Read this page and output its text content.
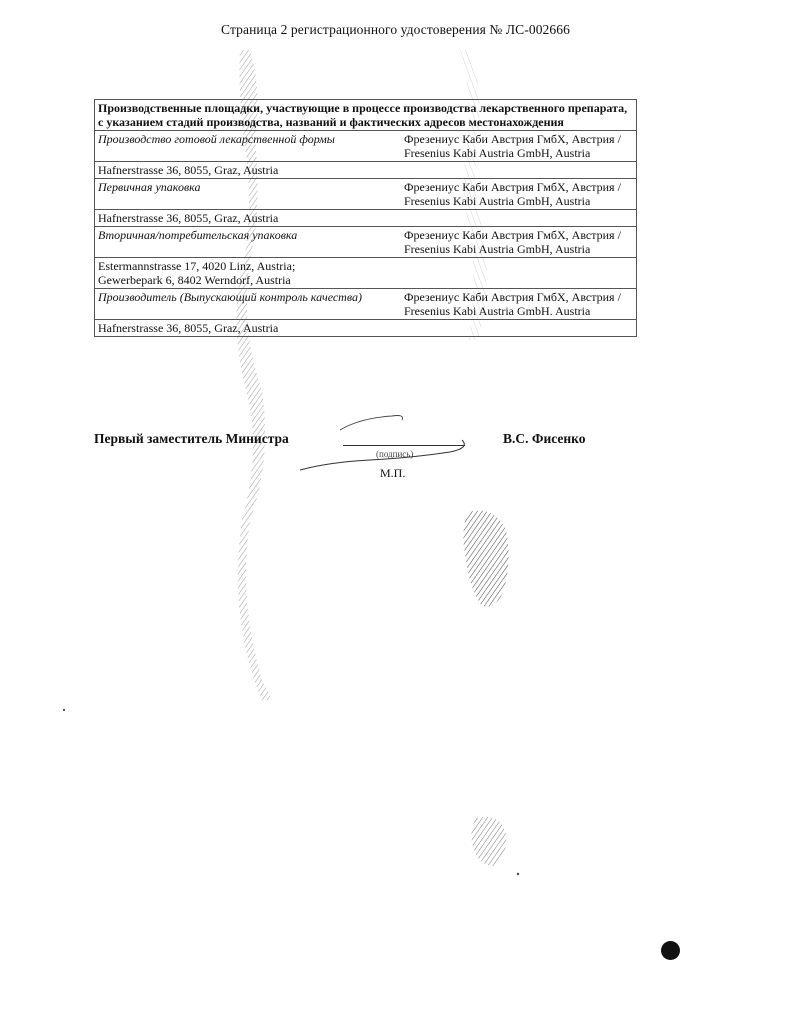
Страница 2 регистрационного удостоверения № ЛС-002666
Производственные площадки, участвующие в процессе производства лекарственного препарата, с указанием стадий производства, названий и фактических адресов местонахождения	
Производство готовой лекарственной формы	Фрезениус Каби Австрия ГмбХ, Австрия /
Fresenius Kabi Austria GmbH, Austria

Hafnerstrasse 36, 8055, Graz, Austria	

Первичная упаковка	Фрезениус Каби Австрия ГмбХ, Австрия /
Fresenius Kabi Austria GmbH, Austria

Hafnerstrasse 36, 8055, Graz, Austria	

Вторичная/потребительская упаковка	Фрезениус Каби Австрия ГмбХ, Австрия /
Fresenius Kabi Austria GmbH, Austria

Estermannstrasse 17, 4020 Linz, Austria;
Gewerbepark 6, 8402 Werndorf, Austria	

Производитель (Выпускающий контроль качества)	Фрезениус Каби Австрия ГмбХ, Австрия /
Fresenius Kabi Austria GmbH. Austria

Hafnerstrasse 36, 8055, Graz, Austria	

Первый заместитель Министра
(подпись)
В.С. Фисенко
М.П.
